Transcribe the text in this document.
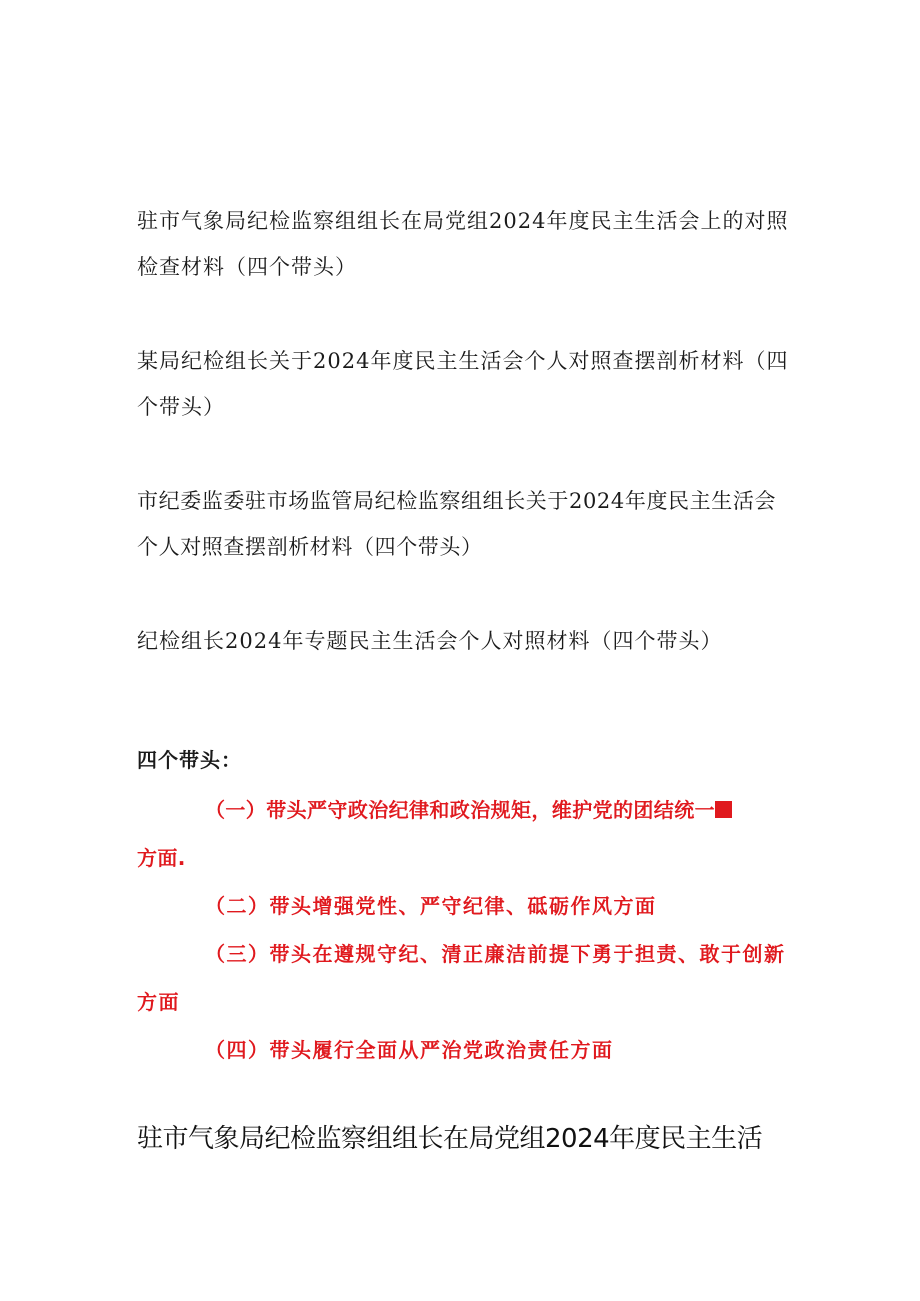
驻市气象局纪检监察组组长在局党组2024年度民主生活会上的对照检查材料（四个带头）

某局纪检组长关于2024年度民主生活会个人对照查摆剖析材料（四个带头）

市纪委监委驻市场监管局纪检监察组组长关于2024年度民主生活会个人对照查摆剖析材料（四个带头）

纪检组长2024年专题民主生活会个人对照材料（四个带头）

四个带头：

（一）带头严守政治纪律和政治规矩，维护党的团结统一
方面.

（二）带头增强党性、严守纪律、砥砺作风方面

（三）带头在遵规守纪、清正廉洁前提下勇于担责、敢于创新方面

（四）带头履行全面从严治党政治责任方面

驻市气象局纪检监察组组长在局党组2024年度民主生活
